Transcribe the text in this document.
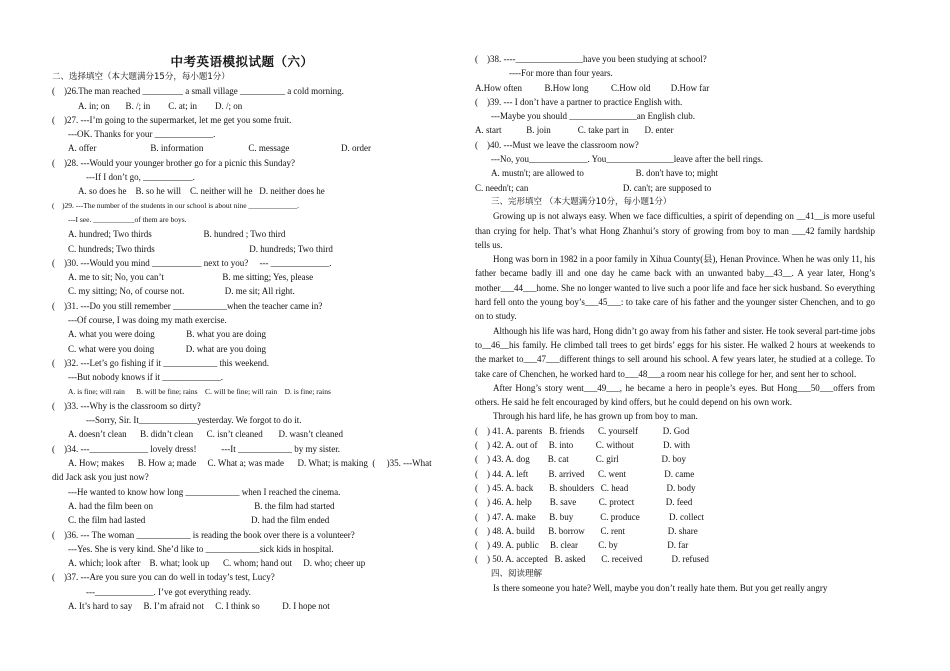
中考英语模拟试题（六）
二、选择填空（本大题满分15分，每小题1分）
(    )26.The man reached _________ a small village __________ a cold morning.
A. in; on       B. /; in        C. at; in        D. /; on
(    )27. ---I’m going to the supermarket, let me get you some fruit.
---OK. Thanks for your _____________.
A. offer                        B. information                    C. message                       D. order
(    )28. ---Would your younger brother go for a picnic this Sunday?
---If I don’t go, ___________.
A. so does he    B. so he will    C. neither will he   D. neither does he
(    )29. ---The number of the students in our school is about nine _____________.
---I see. ___________of them are boys.
A. hundred; Two thirds                       B. hundred ; Two third
C. hundreds; Two thirds                                          D. hundreds; Two third
(    )30. ---Would you mind ___________ next to you?     --- _____________.
A. me to sit; No, you can’t                          B. me sitting; Yes, please
C. my sitting; No, of course not.                  D. me sit; All right.
(    )31. ---Do you still remember ____________when the teacher came in?
---Of course, I was doing my math exercise.
A. what you were doing              B. what you are doing
C. what were you doing              D. what are you doing
(    )32. ---Let’s go fishing if it ____________ this weekend.
---But nobody knows if it _____________.
A. is fine; will rain      B. will be fine; rains    C. will be fine; will rain    D. is fine; rains
(    )33. ---Why is the classroom so dirty?
---Sorry, Sir. It_____________yesterday. We forgot to do it.
A. doesn’t clean      B. didn’t clean      C. isn’t cleaned       D. wasn’t cleaned
(    )34. ---_____________ lovely dress!           ---It ____________ by my sister.
A. How; makes      B. How a; made     C. What a; was made      D. What; is making  (     )35. ---What
did Jack ask you just now?
---He wanted to know how long ____________ when I reached the cinema.
A. had the film been on                                             B. the film had started
C. the film had lasted                                               D. had the film ended
(    )36. --- The woman ____________ is reading the book over there is a volunteer?
---Yes. She is very kind. She’d like to ____________sick kids in hospital.
A. which; look after    B. what; look up      C. whom; hand out     D. who; cheer up
(    )37. ---Are you sure you can do well in today’s test, Lucy?
---_____________. I’ve got everything ready.
A. It’s hard to say     B. I’m afraid not     C. I think so          D. I hope not
(    )38. ----_______________have you been studying at school?
----For more than four years.
A.How often          B.How long          C.How old         D.How far
(    )39. --- I don’t have a partner to practice English with.
---Maybe you should _______________an English club.
A. start           B. join            C. take part in       D. enter
(    )40. ---Must we leave the classroom now?
---No, you_____________. You_______________leave after the bell rings.
A. mustn't; are allowed to                       B. don't have to; might
C. needn't; can                                          D. can't; are supposed to
三、完形填空 （本大题满分10分，每小题1分）
Growing up is not always easy. When we face difficulties, a spirit of depending on __41__is more useful than crying for help. That’s what Hong Zhanhui’s story of growing from boy to man ___42 family hardship tells us.
Hong was born in 1982 in a poor family in Xihua County(县), Henan Province. When he was only 11, his father became badly ill and one day he came back with an unwanted baby__43__. A year later, Hong’s mother___44___home. She no longer wanted to live such a poor life and face her sick husband. So everything hard fell onto the young boy’s___45___: to take care of his father and the younger sister Chenchen, and to go on to study.
Although his life was hard, Hong didn’t go away from his father and sister. He took several part-time jobs to__46__his family. He climbed tall trees to get birds’ eggs for his sister. He walked 2 hours at weekends to the market to___47___different things to sell around his school. A few years later, he studied at a college. To take care of Chenchen, he worked hard to___48___a room near his college for her, and sent her to school.
After Hong’s story went___49___, he became a hero in people’s eyes. But Hong___50___offers from others. He said he felt encouraged by kind offers, but he could depend on his own work.
Through his hard life, he has grown up from boy to man.
(    ) 41. A. parents   B. friends      C. yourself           D. God
(    ) 42. A. out of     B. into          C. without             D. with
(    ) 43. A. dog        B. cat            C. girl                   D. boy
(    ) 44. A. left         B. arrived      C. went                 D. came
(    ) 45. A. back       B. shoulders   C. head                 D. body
(    ) 46. A. help        B. save          C. protect              D. feed
(    ) 47. A. make      B. buy            C. produce             D. collect
(    ) 48. A. build      B. borrow       C. rent                   D. share
(    ) 49. A. public     B. clear         C. by                      D. far
(    ) 50. A. accepted   B. asked       C. received             D. refused
四、阅读理解
Is there someone you hate? Well, maybe you don’t really hate them. But you get really angry
